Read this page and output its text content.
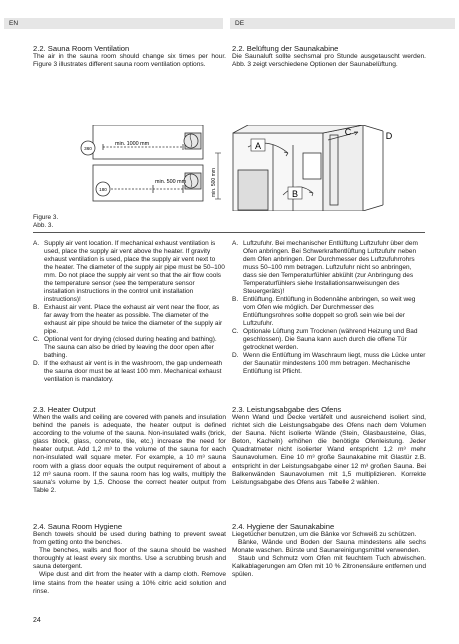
EN	DE
2.2. Sauna Room Ventilation

The air in the sauna room should change six times per hour. Figure 3 illustrates different sauna room ventilation options.

2.2. Belüftung der Saunakabine

Die Saunaluft sollte sechsmal pro Stunde ausgetauscht werden. Abb. 3 zeigt verschiedene Optionen der Saunabelüftung.

360
min. 1000 mm
180
min. 500 mm	min. 500 mm
A
B
C	D
Figure 3.
Abb. 3.
A. Supply air vent location. If mechanical exhaust ventilation is used, place the supply air vent above the heater. If gravity exhaust ventilation is used, place the supply air vent next to the heater. The diameter of the supply air pipe must be 50–100 mm. Do not place the supply air vent so that the air flow cools the temperature sensor (see the temperature sensor installation instructions in the control unit installation instructions)!
B. Exhaust air vent. Place the exhaust air vent near the floor, as far away from the heater as possible. The diameter of the exhaust air pipe should be twice the diameter of the supply air pipe.
C. Optional vent for drying (closed during heating and bathing). The sauna can also be dried by leaving the door open after bathing.
D. If the exhaust air vent is in the washroom, the gap underneath the sauna door must be at least 100 mm. Mechanical exhaust ventilation is mandatory.
A. Luftzufuhr. Bei mechanischer Entlüftung Luftzufuhr über dem Ofen anbringen. Bei Schwerkraftentlüftung Luftzufuhr neben dem Ofen anbringen. Der Durchmesser des Luftzufuhrrohrs muss 50–100 mm betragen. Luftzufuhr nicht so anbringen, dass sie den Temperaturfühler abkühlt (zur Anbringung des Temperaturfühlers siehe Installationsanweisungen des Steuergeräts)!
B. Entlüftung. Entlüftung in Bodennähe anbringen, so weit weg vom Ofen wie möglich. Der Durchmesser des Entlüftungsrohres sollte doppelt so groß sein wie bei der Luftzufuhr.
C. Optionale Lüftung zum Trocknen (während Heizung und Bad geschlossen). Die Sauna kann auch durch die offene Tür getrocknet werden.
D. Wenn die Entlüftung im Waschraum liegt, muss die Lücke unter der Saunatür mindestens 100 mm betragen. Mechanische Entlüftung ist Pflicht.
2.3. Heater Output

When the walls and ceiling are covered with panels and insulation behind the panels is adequate, the heater output is defined according to the volume of the sauna. Non-insulated walls (brick, glass block, glass, concrete, tile, etc.) increase the need for heater output. Add 1,2 m³ to the volume of the sauna for each non-insulated wall square meter. For example, a 10 m³ sauna room with a glass door equals the output requirement of about a 12 m³ sauna room. If the sauna room has log walls, multiply the sauna's volume by 1,5. Choose the correct heater output from Table 2.

2.3. Leistungsabgabe des Ofens

Wenn Wand und Decke vertäfelt und ausreichend isoliert sind, richtet sich die Leistungsabgabe des Ofens nach dem Volumen der Sauna. Nicht isolierte Wände (Stein, Glasbausteine, Glas, Beton, Kacheln) erhöhen die benötigte Ofenleistung. Jeder Quadratmeter nicht isolierter Wand entspricht 1,2 m³ mehr Saunavolumen. Eine 10 m³ große Saunakabine mit Glastür z.B. entspricht in der Leistungsabgabe einer 12 m³ großen Sauna. Bei Balkenwänden Saunavolumen mit 1,5 multiplizieren. Korrekte Leistungsabgabe des Ofens aus Tabelle 2 wählen.

2.4. Sauna Room Hygiene

Bench towels should be used during bathing to prevent sweat from getting onto the benches.

The benches, walls and floor of the sauna should be washed thoroughly at least every six months. Use a scrubbing brush and sauna detergent.

Wipe dust and dirt from the heater with a damp cloth. Remove lime stains from the heater using a 10% citric acid solution and rinse.

2.4. Hygiene der Saunakabine

Liegetücher benutzen, um die Bänke vor Schweiß zu schützen.

Bänke, Wände und Boden der Sauna mindestens alle sechs Monate waschen. Bürste und Saunareinigungsmittel verwenden.

Staub und Schmutz vom Ofen mit feuchtem Tuch abwischen. Kalkablagerungen am Ofen mit 10 % Zitronensäure entfernen und spülen.

24
